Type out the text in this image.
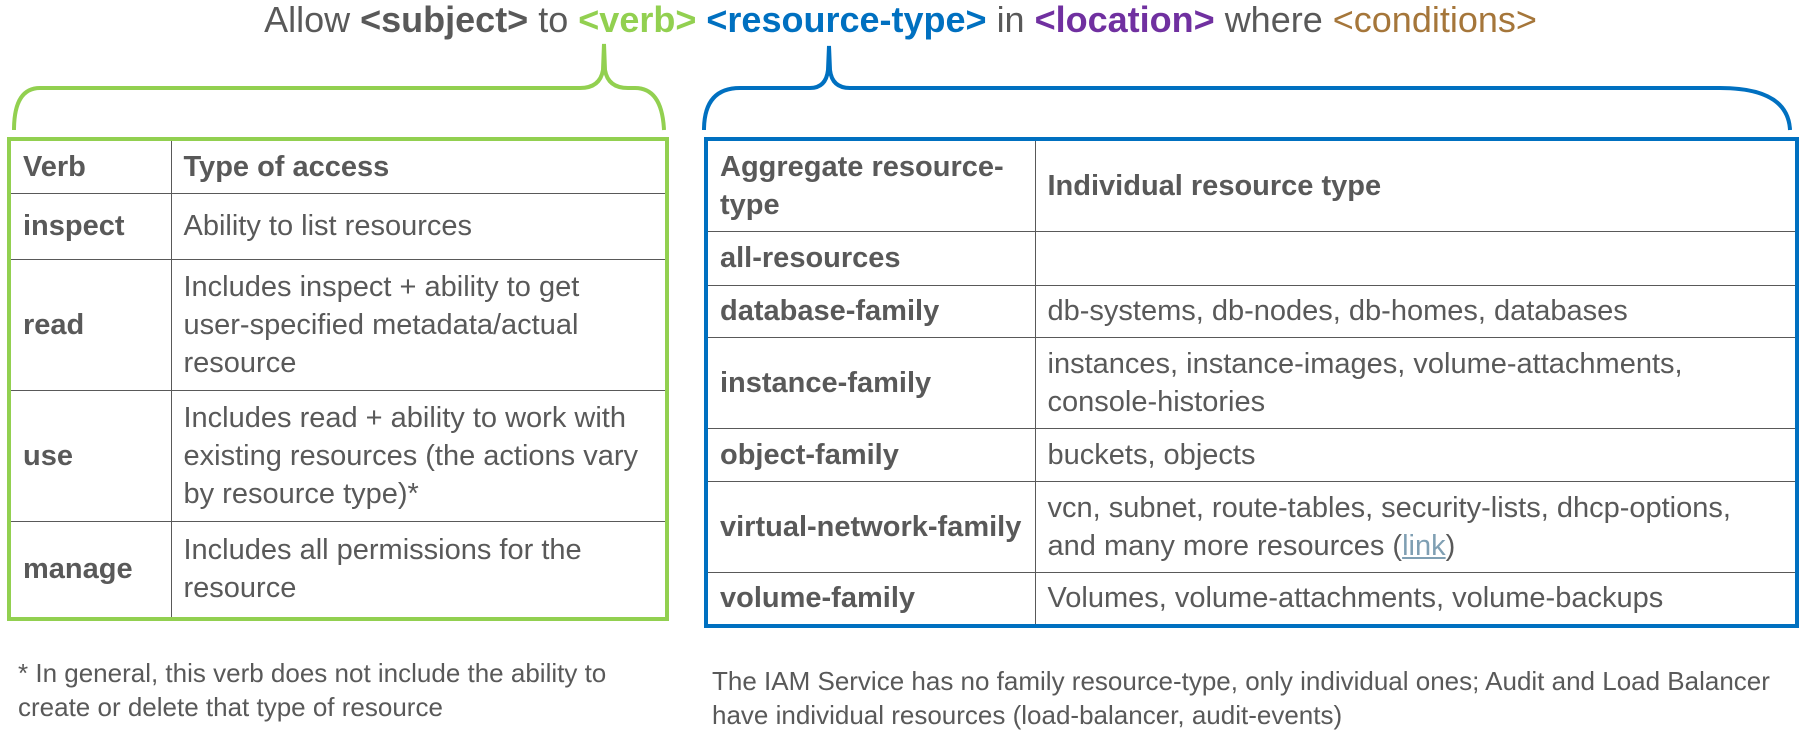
Allow <subject> to <verb> <resource-type> in <location> where <conditions>
Verb	Type of access
inspect	Ability to list resources
read	Includes inspect + ability to get user-specified metadata/actual resource
use	Includes read + ability to work with existing resources (the actions vary by resource type)*
manage	Includes all permissions for the resource
Aggregate resource-type	Individual resource type
all-resources	
database-family	db-systems, db-nodes, db-homes, databases
instance-family	instances, instance-images, volume-attachments, console-histories
object-family	buckets, objects
virtual-network-family	vcn, subnet, route-tables, security-lists, dhcp-options, and many more resources (link)
volume-family	Volumes, volume-attachments, volume-backups
* In general, this verb does not include the ability to create or delete that type of resource
The IAM Service has no family resource-type, only individual ones; Audit and Load Balancer have individual resources (load-balancer, audit-events)
